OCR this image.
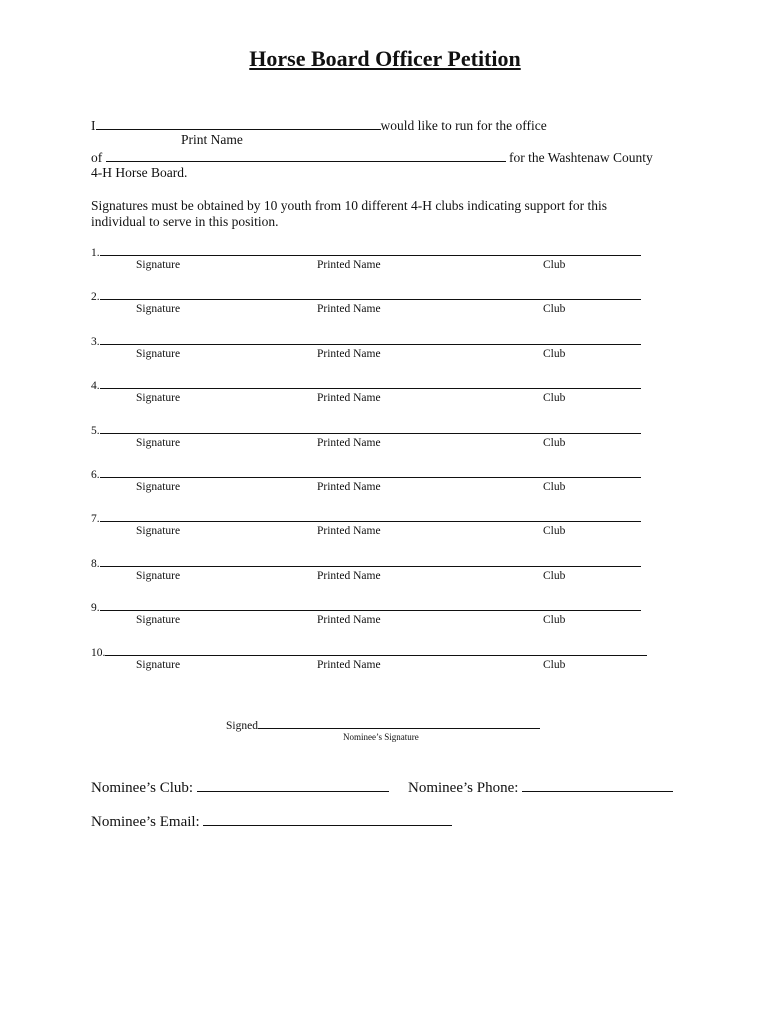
Horse Board Officer Petition
I	would like to run for the office
Print Name
of	for the Washtenaw County
4-H Horse Board.
Signatures must be obtained by 10 youth from 10 different 4-H clubs indicating support for this
individual to serve in this position.
1.
Signature	Printed Name	Club
2.
Signature	Printed Name	Club
3.
Signature	Printed Name	Club
4.
Signature	Printed Name	Club
5.
Signature	Printed Name	Club
6.
Signature	Printed Name	Club
7.
Signature	Printed Name	Club
8.
Signature	Printed Name	Club
9.
Signature	Printed Name	Club
10.
Signature	Printed Name	Club
Signed
Nominee’s Signature
Nominee’s Club:	Nominee’s Phone:
Nominee’s Email:
